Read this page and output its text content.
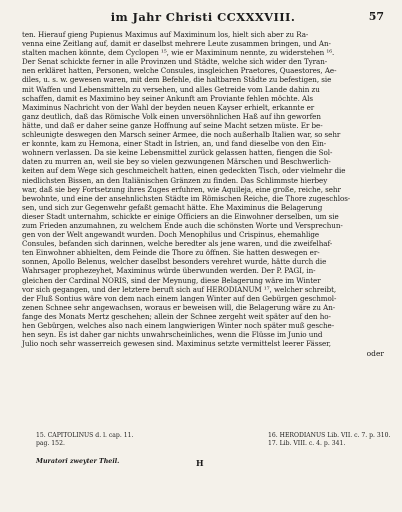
im Jahr Christi CCXXXVIII.	57

ten. Hierauf gieng Pupienus Maximus auf Maximinum los, hielt sich aber zu Ra-

venna eine Zeitlang auf, damit er daselbst mehrere Leute zusammen bringen, und An-

stalten machen könnte, dem Cyclopen ¹⁵, wie er Maximinum nennte, zu widerstehen ¹⁶.

Der Senat schickte ferner in alle Provinzen und Städte, welche sich wider den Tyran-

nen erkläret hatten, Personen, welche Consules, insgleichen Praetores, Quaestores, Ae-

diles, u. s. w. gewesen waren, mit dem Befehle, die haltbaren Städte zu befestigen, sie

mit Waffen und Lebensmitteln zu versehen, und alles Getreide vom Lande dahin zu

schaffen, damit es Maximino bey seiner Ankunft am Proviante fehlen möchte. Als

Maximinus Nachricht von der Wahl der beyden neuen Kayser erhielt, erkannte er

ganz deutlich, daß das Römische Volk einen unversöhnlichen Haß auf ihn geworfen

hätte, und daß er daher seine ganze Hoffnung auf seine Macht setzen müste. Er be-

schleunigte deswegen den Marsch seiner Armee, die noch außerhalb Italien war, so sehr

er konnte, kam zu Hemona, einer Stadt in Istrien, an, und fand dieselbe von den Ein-

wohnern verlassen. Da sie keine Lebensmittel zurück gelassen hatten, fiengen die Sol-

daten zu murren an, weil sie bey so vielen gezwungenen Märschen und Beschwerlich-

keiten auf dem Wege sich geschmeichelt hatten, einen gedeckten Tisch, oder vielmehr die

niedlichsten Bissen, an den Italiänischen Gränzen zu finden. Das Schlimmste hierbey

war, daß sie bey Fortsetzung ihres Zuges erfuhren, wie Aquileja, eine große, reiche, sehr

bewohnte, und eine der ansehnlichsten Städte im Römischen Reiche, die Thore zugeschlos-

sen, und sich zur Gegenwehr gefaßt gemacht hätte. Ehe Maximinus die Belagerung

dieser Stadt unternahm, schickte er einige Officiers an die Einwohner derselben, um sie

zum Frieden anzumahnen, zu welchem Ende auch die schönsten Worte und Versprechun-

gen von der Welt angewandt wurden. Doch Menophilus und Crispinus, ehemahlige

Consules, befanden sich darinnen, welche beredter als jene waren, und die zweifelhaf-

ten Einwohner abhielten, dem Feinde die Thore zu öffnen. Sie hatten deswegen er-

sonnen, Apollo Belenus, welcher daselbst besonders verehret wurde, hätte durch die

Wahrsager prophezeyhet, Maximinus würde überwunden werden. Der P. PAGI, in-

gleichen der Cardinal NORIS, sind der Meynung, diese Belagerung wäre im Winter

vor sich gegangen, und der letztere beruft sich auf HERODIANUM ¹⁷, welcher schreibt,

der Fluß Sontius wäre von dem nach einem langen Winter auf den Gebürgen geschmol-

zenen Schnee sehr angewachsen, woraus er beweisen will, die Belagerung wäre zu An-

fange des Monats Mertz geschehen; allein der Schnee zergeht weit später auf den ho-

hen Gebürgen, welches also nach einem langwierigen Winter noch später muß gesche-

hen seyn. Es ist daher gar nichts unwahrscheinliches, wenn die Flüsse im Junio und

Julio noch sehr wasserreich gewesen sind. Maximinus setzte vermittelst leerer Fässer,

oder
15. CAPITOLINUS d. l. cap. 11.
pag. 152.
16. HERODIANUS Lib. VII. c. 7. p. 310.
17. Lib. VIII. c. 4. p. 341.
Muratori zweyter Theil.	H
